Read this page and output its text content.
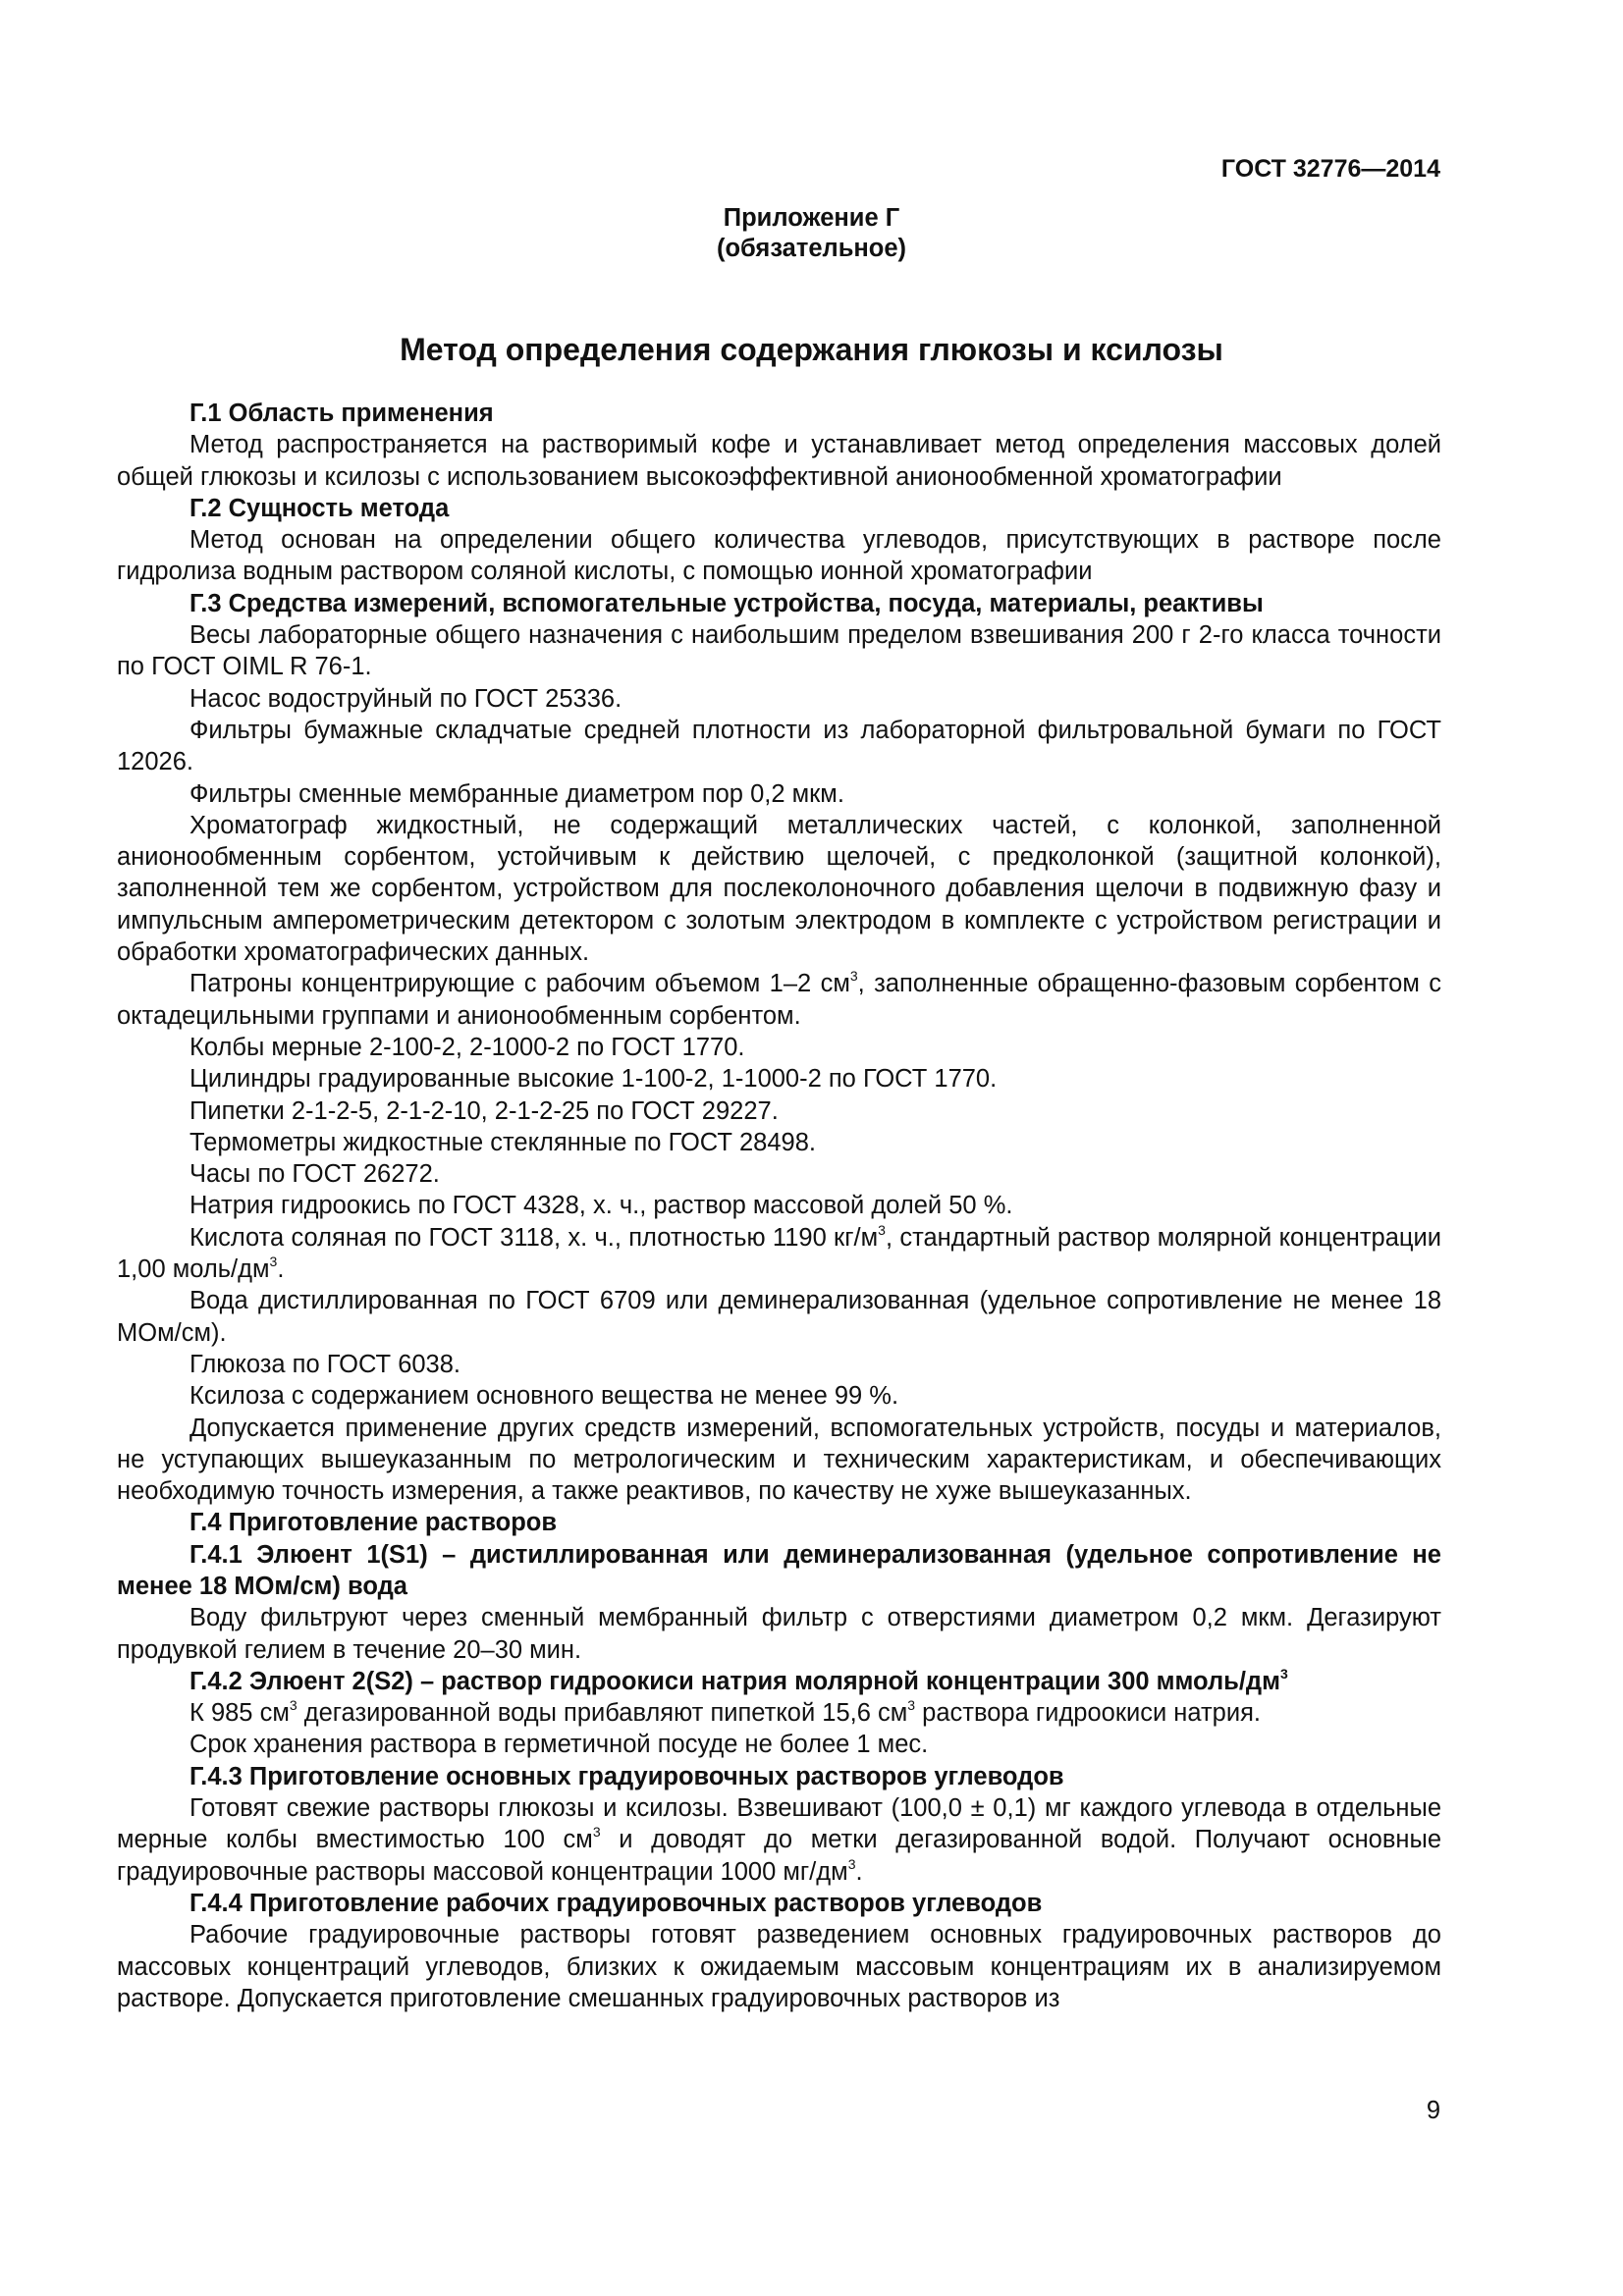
ГОСТ 32776—2014
Приложение Г
(обязательное)
Метод определения содержания глюкозы и ксилозы

Г.1 Область применения

Метод распространяется на растворимый кофе и устанавливает метод определения массовых долей общей глюкозы и ксилозы с использованием высокоэффективной анионообменной хроматографии

Г.2 Сущность метода

Метод основан на определении общего количества углеводов, присутствующих в растворе после гидролиза водным раствором соляной кислоты, с помощью ионной хроматографии

Г.3 Средства измерений, вспомогательные устройства, посуда, материалы, реактивы

Весы лабораторные общего назначения с наибольшим пределом взвешивания 200 г 2-го класса точности по ГОСТ OIML R 76-1.

Насос водоструйный по ГОСТ 25336.

Фильтры бумажные складчатые средней плотности из лабораторной фильтровальной бумаги по ГОСТ 12026.

Фильтры сменные мембранные диаметром пор 0,2 мкм.

Хроматограф жидкостный, не содержащий металлических частей, с колонкой, заполненной анионообменным сорбентом, устойчивым к действию щелочей, с предколонкой (защитной колонкой), заполненной тем же сорбентом, устройством для послеколоночного добавления щелочи в подвижную фазу и импульсным амперометрическим детектором с золотым электродом в комплекте с устройством регистрации и обработки хроматографических данных.

Патроны концентрирующие с рабочим объемом 1–2 $см^3$, заполненные обращенно-фазовым сорбентом с октадецильными группами и анионообменным сорбентом.

Колбы мерные 2-100-2, 2-1000-2 по ГОСТ 1770.

Цилиндры градуированные высокие 1-100-2, 1-1000-2 по ГОСТ 1770.

Пипетки 2-1-2-5, 2-1-2-10, 2-1-2-25 по ГОСТ 29227.

Термометры жидкостные стеклянные по ГОСТ 28498.

Часы по ГОСТ 26272.

Натрия гидроокись по ГОСТ 4328, х. ч., раствор массовой долей 50 %.

Кислота соляная по ГОСТ 3118, х. ч., плотностью 1190 $кг/м^3$, стандартный раствор молярной концентрации 1,00 моль/$дм^3$.

Вода дистиллированная по ГОСТ 6709 или деминерализованная (удельное сопротивление не менее 18 МОм/см).

Глюкоза по ГОСТ 6038.

Ксилоза с содержанием основного вещества не менее 99 %.

Допускается применение других средств измерений, вспомогательных устройств, посуды и материалов, не уступающих вышеуказанным по метрологическим и техническим характеристикам, и обеспечивающих необходимую точность измерения, а также реактивов, по качеству не хуже вышеуказанных.

Г.4 Приготовление растворов

Г.4.1 Элюент 1(S1) – дистиллированная или деминерализованная (удельное сопротивление не менее 18 МОм/см) вода

Воду фильтруют через сменный мембранный фильтр с отверстиями диаметром 0,2 мкм. Дегазируют продувкой гелием в течение 20–30 мин.

Г.4.2 Элюент 2(S2) – раствор гидроокиси натрия молярной концентрации 300 ммоль/$дм^3$

К 985 $см^3$ дегазированной воды прибавляют пипеткой 15,6 $см^3$ раствора гидроокиси натрия.

Срок хранения раствора в герметичной посуде не более 1 мес.

Г.4.3 Приготовление основных градуировочных растворов углеводов

Готовят свежие растворы глюкозы и ксилозы. Взвешивают (100,0 ± 0,1) мг каждого углевода в отдельные мерные колбы вместимостью 100 $см^3$ и доводят до метки дегазированной водой. Получают основные градуировочные растворы массовой концентрации 1000 $мг/дм^3$.

Г.4.4 Приготовление рабочих градуировочных растворов углеводов

Рабочие градуировочные растворы готовят разведением основных градуировочных растворов до массовых концентраций углеводов, близких к ожидаемым массовым концентрациям их в анализируемом растворе. Допускается приготовление смешанных градуировочных растворов из

9
